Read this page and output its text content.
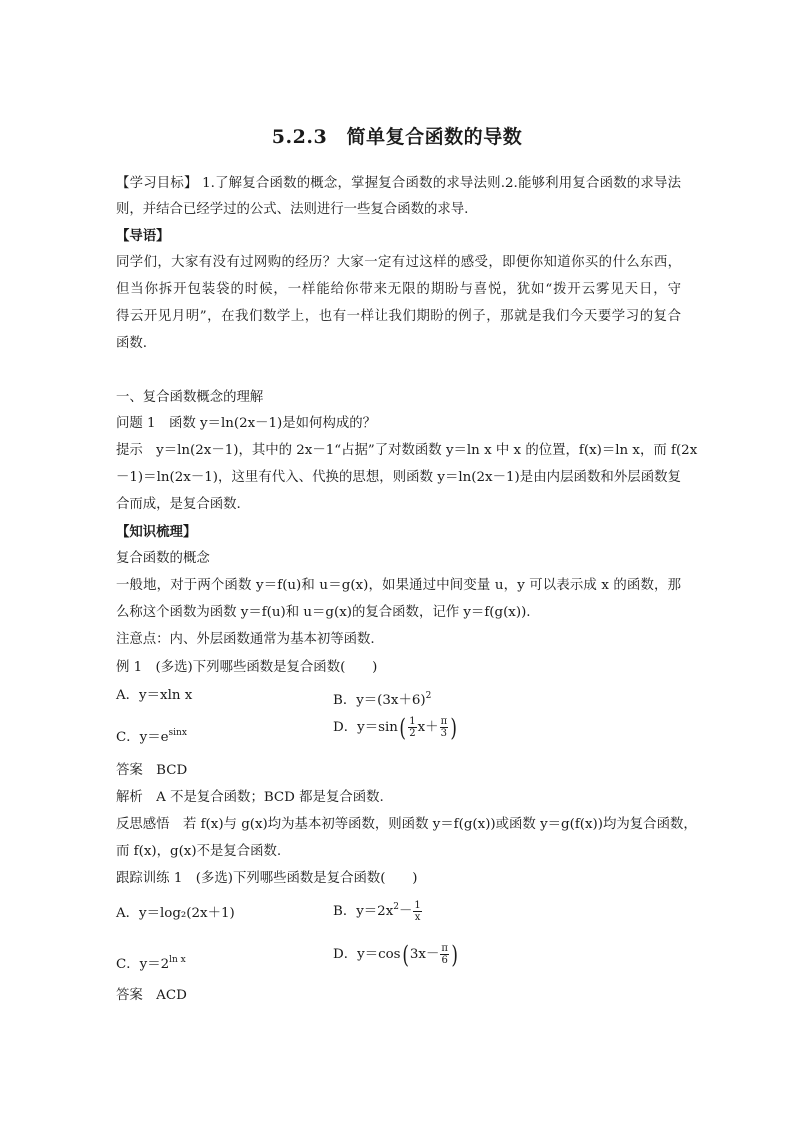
5.2.3　简单复合函数的导数
【学习目标】 1.了解复合函数的概念，掌握复合函数的求导法则.2.能够利用复合函数的求导法
则，并结合已经学过的公式、法则进行一些复合函数的求导.
【导语】
同学们，大家有没有过网购的经历？大家一定有过这样的感受，即便你知道你买的什么东西，
但当你拆开包装袋的时候，一样能给你带来无限的期盼与喜悦，犹如“拨开云雾见天日，守
得云开见月明”，在我们数学上，也有一样让我们期盼的例子，那就是我们今天要学习的复合
函数.
一、复合函数概念的理解
问题 1　函数 y＝ln(2x－1)是如何构成的？
提示　y＝ln(2x－1)，其中的 2x－1“占据”了对数函数 y＝ln x 中 x 的位置，f(x)＝ln x，而 f(2x
－1)＝ln(2x－1)，这里有代入、代换的思想，则函数 y＝ln(2x－1)是由内层函数和外层函数复
合而成，是复合函数.
【知识梳理】
复合函数的概念
一般地，对于两个函数 y＝f(u)和 u＝g(x)，如果通过中间变量 u，y 可以表示成 x 的函数，那
么称这个函数为函数 y＝f(u)和 u＝g(x)的复合函数，记作 y＝f(g(x)).
注意点：内、外层函数通常为基本初等函数.
例 1　(多选)下列哪些函数是复合函数(　　)
A．y＝xln x	B．$y=(3x+6)^2$
C．$y=e^{sinx}$	D．$y=\sin( \frac{1}{2} x+ \frac{\pi}{3}$ )
答案　BCD
解析　A 不是复合函数；BCD 都是复合函数.
反思感悟　若 f(x)与 g(x)均为基本初等函数，则函数 y＝f(g(x))或函数 y＝g(f(x))均为复合函数，
而 f(x)，g(x)不是复合函数.
跟踪训练 1　(多选)下列哪些函数是复合函数(　　)
A．y＝log₂(2x＋1)	B．$y=2x^2- \frac{1}{x}$
C．$y=2^{ln x}$	D．$y=\cos(3x- \frac{\pi}{6}$ )
答案　ACD
